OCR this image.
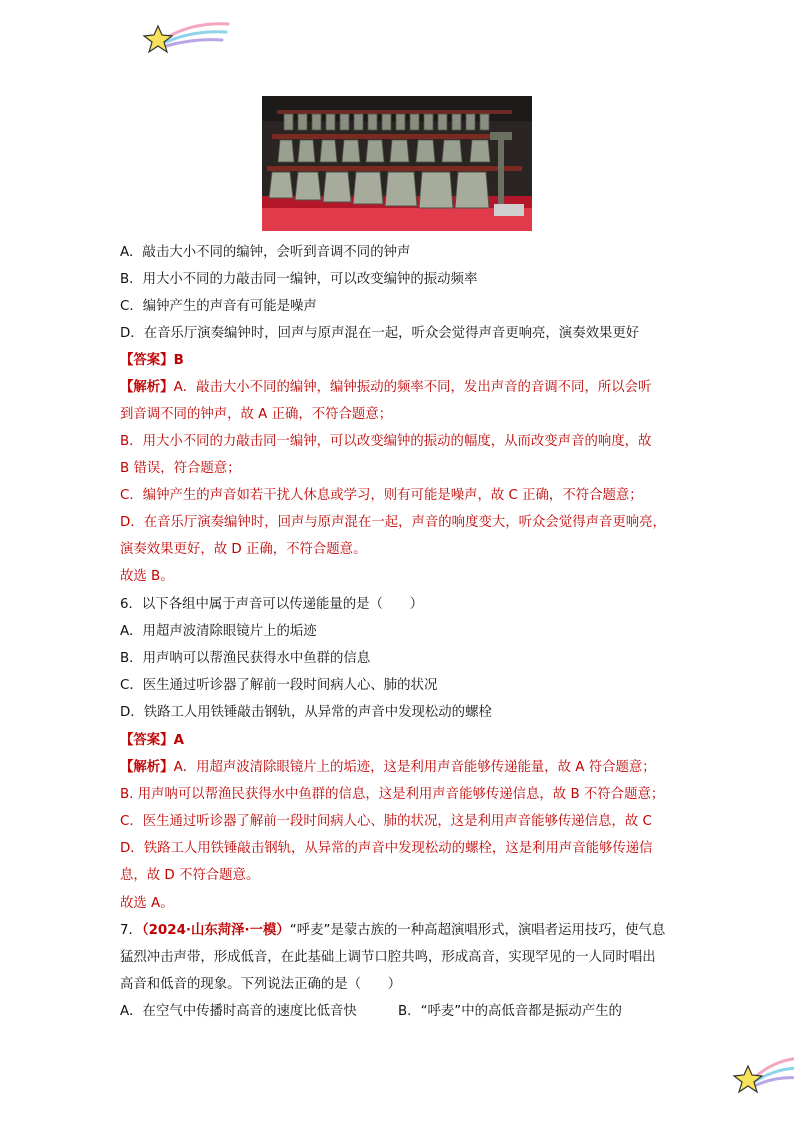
A．敲击大小不同的编钟，会听到音调不同的钟声
B．用大小不同的力敲击同一编钟，可以改变编钟的振动频率
C．编钟产生的声音有可能是噪声
D．在音乐厅演奏编钟时，回声与原声混在一起，听众会觉得声音更响亮，演奏效果更好
【答案】B
【解析】A．敲击大小不同的编钟，编钟振动的频率不同，发出声音的音调不同，所以会听
到音调不同的钟声，故 A 正确，不符合题意；
B．用大小不同的力敲击同一编钟，可以改变编钟的振动的幅度，从而改变声音的响度，故
B 错误，符合题意；
C．编钟产生的声音如若干扰人休息或学习，则有可能是噪声，故 C 正确，不符合题意；
D．在音乐厅演奏编钟时，回声与原声混在一起，声音的响度变大，听众会觉得声音更响亮，
演奏效果更好，故 D 正确，不符合题意。
故选 B。
6．以下各组中属于声音可以传递能量的是（　　）
A．用超声波清除眼镜片上的垢迹
B．用声呐可以帮渔民获得水中鱼群的信息
C．医生通过听诊器了解前一段时间病人心、肺的状况
D．铁路工人用铁锤敲击钢轨，从异常的声音中发现松动的螺栓
【答案】A
【解析】A．用超声波清除眼镜片上的垢迹，这是利用声音能够传递能量，故 A 符合题意；
B. 用声呐可以帮渔民获得水中鱼群的信息，这是利用声音能够传递信息，故 B 不符合题意；
C．医生通过听诊器了解前一段时间病人心、肺的状况，这是利用声音能够传递信息，故 C
D．铁路工人用铁锤敲击钢轨，从异常的声音中发现松动的螺栓，这是利用声音能够传递信
息，故 D 不符合题意。
故选 A。
7．（2024·山东菏泽·一模）“呼麦”是蒙古族的一种高超演唱形式，演唱者运用技巧，使气息
猛烈冲击声带，形成低音，在此基础上调节口腔共鸣，形成高音，实现罕见的一人同时唱出
高音和低音的现象。下列说法正确的是（　　）
A．在空气中传播时高音的速度比低音快	B．“呼麦”中的高低音都是振动产生的
